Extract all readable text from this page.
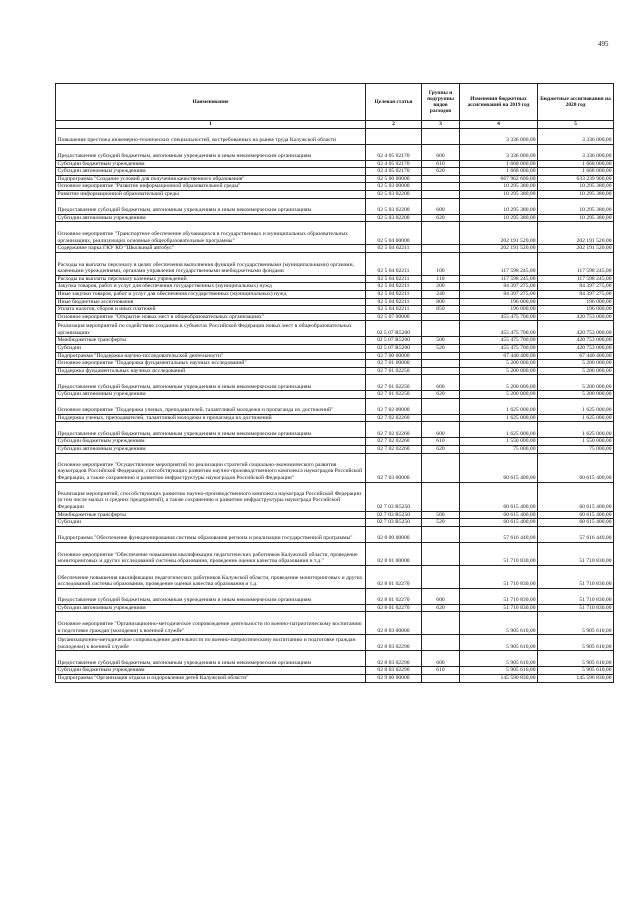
495
Наименование	Целевая статья	Группы и подгруппы видов расходов	Изменения бюджетных ассигнований на 2019 год	Бюджетные ассигнования на 2020 год
1	2	3	4	5
Повышение престижа инженерно-технических специальностей, востребованных на рынке труда Калужской области			3 336 000,00	3 336 000,00
Предоставление субсидий бюджетным, автономным учреждениям и иным некоммерческим организациям	02 4 05 02170	600	3 336 000,00	3 336 000,00
Субсидии бюджетным учреждениям	02 4 05 02170	610	1 668 000,00	1 668 000,00
Субсидии автономным учреждениям	02 4 05 02170	620	1 668 000,00	1 668 000,00
Подпрограмма "Создание условий для получения качественного образования"	02 5 00 00000		667 962 600,00	633 239 900,00
Основное мероприятие "Развитие информационной образовательной среды"	02 5 03 00000		10 295 380,00	10 295 380,00
Развитие информационной образовательной среды	02 5 03 02200		10 295 380,00	10 295 380,00
Предоставление субсидий бюджетным, автономным учреждениям и иным некоммерческим организациям	02 5 03 02200	600	10 295 380,00	10 295 380,00
Субсидии автономным учреждениям	02 5 03 02200	620	10 295 380,00	10 295 380,00
Основное мероприятие "Транспортное обеспечение обучающихся в государственных и муниципальных образовательных организациях, реализующих основные общеобразовательные программы"	02 5 04 00000		202 191 520,00	202 191 520,00
Содержание парка ГКУ КО "Школьный автобус"	02 5 04 02211		202 191 520,00	202 191 520,00
Расходы на выплаты персоналу в целях обеспечения выполнения функций государственными (муниципальными) органами, казенными учреждениями, органами управления государственными внебюджетными фондами	02 5 04 02211	100	117 598 245,00	117 598 245,00
Расходы на выплаты персоналу казенных учреждений	02 5 04 02211	110	117 598 245,00	117 598 245,00
Закупка товаров, работ и услуг для обеспечения государственных (муниципальных) нужд	02 5 04 02211	200	84 397 275,00	84 397 275,00
Иные закупки товаров, работ и услуг для обеспечения государственных (муниципальных) нужд	02 5 04 02211	240	84 397 275,00	84 397 275,00
Иные бюджетные ассигнования	02 5 04 02211	800	196 000,00	196 000,00
Уплата налогов, сборов и иных платежей	02 5 04 02211	850	196 000,00	196 000,00
Основное мероприятие "Открытие новых мест в общеобразовательных организациях"	02 5 07 00000		455 475 700,00	420 753 000,00
Реализация мероприятий по содействию созданию в субъектах Российской Федерации новых мест в общеобразовательных организациях	02 5 07 R5200		455 475 700,00	420 753 000,00
Межбюджетные трансферты	02 5 07 R5200	500	455 475 700,00	420 753 000,00
Субсидии	02 5 07 R5200	520	455 475 700,00	420 753 000,00
Подпрограмма "Поддержка научно-исследовательской деятельности"	02 7 00 00000		67 440 400,00	67 440 400,00
Основное мероприятие "Поддержка фундаментальных научных исследований"	02 7 01 00000		5 200 000,00	5 200 000,00
Поддержка фундаментальных научных исследований	02 7 01 02250		5 200 000,00	5 200 000,00
Предоставление субсидий бюджетным, автономным учреждениям и иным некоммерческим организациям	02 7 01 02250	600	5 200 000,00	5 200 000,00
Субсидии автономным учреждениям	02 7 01 02250	620	5 200 000,00	5 200 000,00
Основное мероприятие "Поддержка ученых, преподавателей, талантливой молодежи и пропаганда их достижений"	02 7 02 00000		1 625 000,00	1 625 000,00
Поддержка ученых, преподавателей, талантливой молодежи и пропаганда их достижений	02 7 02 02260		1 625 000,00	1 625 000,00
Предоставление субсидий бюджетным, автономным учреждениям и иным некоммерческим организациям	02 7 02 02260	600	1 625 000,00	1 625 000,00
Субсидии бюджетным учреждениям	02 7 02 02260	610	1 550 000,00	1 550 000,00
Субсидии автономным учреждениям	02 7 02 02260	620	75 000,00	75 000,00
Основное мероприятие "Осуществление мероприятий по реализации стратегий социально-экономического развития наукоградов Российской Федерации, способствующих развитию научно-производственного комплекса наукоградов Российской Федерации, а также сохранению и развитию инфраструктуры наукоградов Российской Федерации"	02 7 03 00000		60 615 400,00	60 615 400,00
Реализация мероприятий, способствующих развитию научно-производственного комплекса наукограда Российской Федерации (в том числе малых и средних предприятий), а также сохранению и развитию инфраструктуры наукограда Российской Федерации	02 7 03 R5250		60 615 400,00	60 615 400,00
Межбюджетные трансферты	02 7 03 R5250	500	60 615 400,00	60 615 400,00
Субсидии	02 7 03 R5250	520	60 615 400,00	60 615 400,00
Подпрограмма "Обеспечение функционирования системы образования региона и реализации государственной программы"	02 8 00 00000		57 616 440,00	57 616 440,00
Основное мероприятие "Обеспечение повышения квалификации педагогических работников Калужской области, проведение мониторинговых и других исследований системы образования, проведение оценки качества образования и т.д."	02 8 01 00000		51 710 830,00	51 710 830,00
Обеспечение повышения квалификации педагогических работников Калужской области, проведение мониторинговых и других исследований системы образования, проведение оценки качества образования и т.д.	02 8 01 02270		51 710 830,00	51 710 830,00
Предоставление субсидий бюджетным, автономным учреждениям и иным некоммерческим организациям	02 8 01 02270	600	51 710 830,00	51 710 830,00
Субсидии автономным учреждениям	02 8 01 02270	620	51 710 830,00	51 710 830,00
Основное мероприятие "Организационно-методическое сопровождение деятельности по военно-патриотическому воспитанию и подготовке граждан (молодежи) к военной службе"	02 8 03 00000		5 905 610,00	5 905 610,00
Организационно-методическое сопровождение деятельности по военно-патриотическому воспитанию и подготовке граждан (молодежи) к военной службе	02 8 03 02290		5 905 610,00	5 905 610,00
Предоставление субсидий бюджетным, автономным учреждениям и иным некоммерческим организациям	02 8 03 02290	600	5 905 610,00	5 905 610,00
Субсидии бюджетным учреждениям	02 8 03 02290	610	5 905 610,00	5 905 610,00
Подпрограмма "Организация отдыха и оздоровления детей Калужской области"	02 9 00 00000		145 590 830,00	145 596 830,00
